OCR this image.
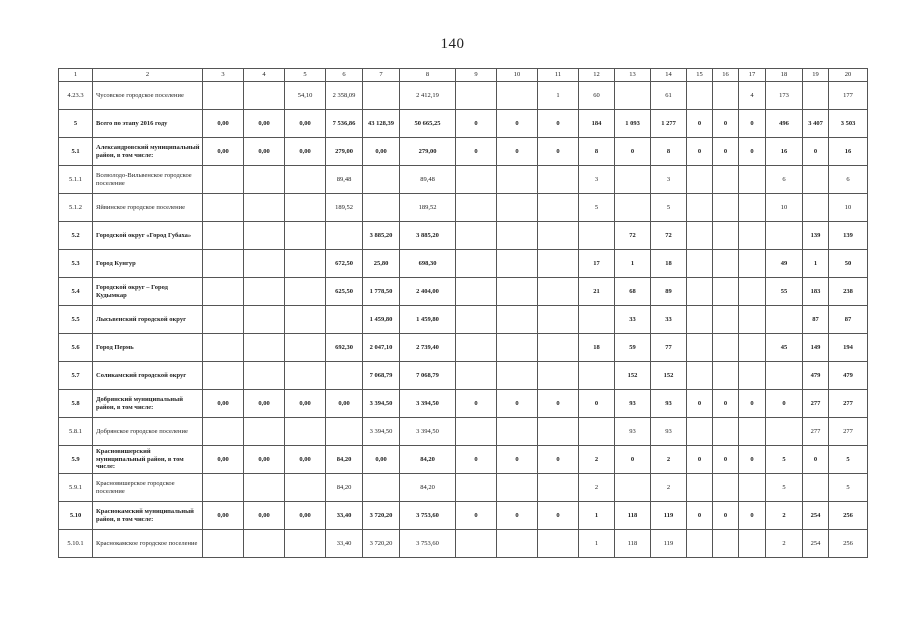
140
1	2	3	4	5	6	7	8	9	10	11	12	13	14	15	16	17	18	19	20
4.23.3	Чусовское городское поселение			54,10	2 358,09		2 412,19			1	60		61			4	173		177
5	Всего по этапу 2016 году	0,00	0,00	0,00	7 536,86	43 128,39	50 665,25	0	0	0	184	1 093	1 277	0	0	0	496	3 407	3 503
5.1	Александровский муниципальный район, в том числе:	0,00	0,00	0,00	279,00	0,00	279,00	0	0	0	8	0	8	0	0	0	16	0	16
5.1.1	Всеволодо-Вильвенское городское поселение				89,48		89,48				3		3				6		6
5.1.2	Яйвинское городское поселение				189,52		189,52				5		5				10		10
5.2	Городской округ «Город Губаха»					3 885,20	3 885,20					72	72					139	139
5.3	Город Кунгур				672,50	25,80	698,30				17	1	18				49	1	50
5.4	Городской округ – Город Кудымкар				625,50	1 778,50	2 404,00				21	68	89				55	183	238
5.5	Лысьвенский городской округ					1 459,80	1 459,80					33	33					87	87
5.6	Город Пермь				692,30	2 047,10	2 739,40				18	59	77				45	149	194
5.7	Соликамский городской округ					7 068,79	7 068,79					152	152					479	479
5.8	Добрянский муниципальный район, в том числе:	0,00	0,00	0,00	0,00	3 394,50	3 394,50	0	0	0	0	93	93	0	0	0	0	277	277
5.8.1	Добрянское городское поселение					3 394,50	3 394,50					93	93					277	277
5.9	Красновишерский муниципальный район, в том числе:	0,00	0,00	0,00	84,20	0,00	84,20	0	0	0	2	0	2	0	0	0	5	0	5
5.9.1	Красновишерское городское поселение				84,20		84,20				2		2				5		5
5.10	Краснокамский муниципальный район, в том числе:	0,00	0,00	0,00	33,40	3 720,20	3 753,60	0	0	0	1	118	119	0	0	0	2	254	256
5.10.1	Краснокамское городское поселение				33,40	3 720,20	3 753,60				1	118	119				2	254	256
